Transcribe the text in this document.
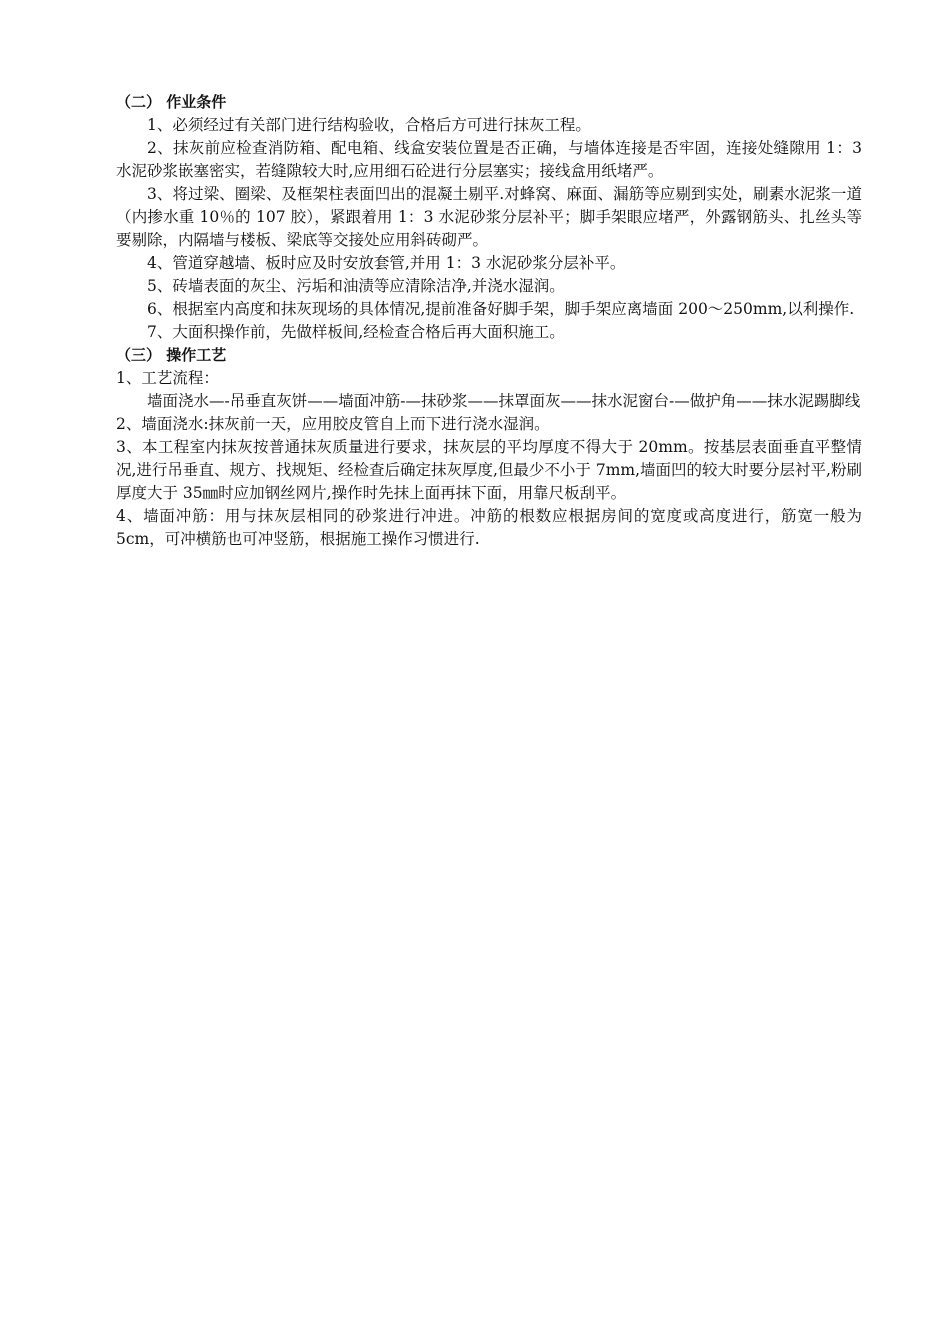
（二） 作业条件

1、必须经过有关部门进行结构验收，合格后方可进行抹灰工程。

2、抹灰前应检查消防箱、配电箱、线盒安装位置是否正确，与墙体连接是否牢固，连接处缝隙用 1：3 水泥砂浆嵌塞密实，若缝隙较大时,应用细石砼进行分层塞实；接线盒用纸堵严。

3、将过梁、圈梁、及框架柱表面凹出的混凝土剔平.对蜂窝、麻面、漏筋等应剔到实处，刷素水泥浆一道（内掺水重 10％的 107 胶），紧跟着用 1：3 水泥砂浆分层补平；脚手架眼应堵严，外露钢筋头、扎丝头等要剔除，内隔墙与楼板、梁底等交接处应用斜砖砌严。

4、管道穿越墙、板时应及时安放套管,并用 1：3 水泥砂浆分层补平。

5、砖墙表面的灰尘、污垢和油渍等应清除洁净,并浇水湿润。

6、根据室内高度和抹灰现场的具体情况,提前准备好脚手架，脚手架应离墙面 200～250mm,以利操作.

7、大面积操作前，先做样板间,经检查合格后再大面积施工。

（三） 操作工艺

1、工艺流程：

墙面浇水—-吊垂直灰饼——墙面冲筋-—抹砂浆——抹罩面灰——抹水泥窗台-—做护角——抹水泥踢脚线

2、墙面浇水:抹灰前一天，应用胶皮管自上而下进行浇水湿润。

3、本工程室内抹灰按普通抹灰质量进行要求，抹灰层的平均厚度不得大于 20mm。按基层表面垂直平整情况,进行吊垂直、规方、找规矩、经检查后确定抹灰厚度,但最少不小于 7mm,墙面凹的较大时要分层衬平,粉刷厚度大于 35㎜时应加钢丝网片,操作时先抹上面再抹下面，用靠尺板刮平。

4、墙面冲筋：用与抹灰层相同的砂浆进行冲进。冲筋的根数应根据房间的宽度或高度进行，筋宽一般为 5cm，可冲横筋也可冲竖筋，根据施工操作习惯进行.
